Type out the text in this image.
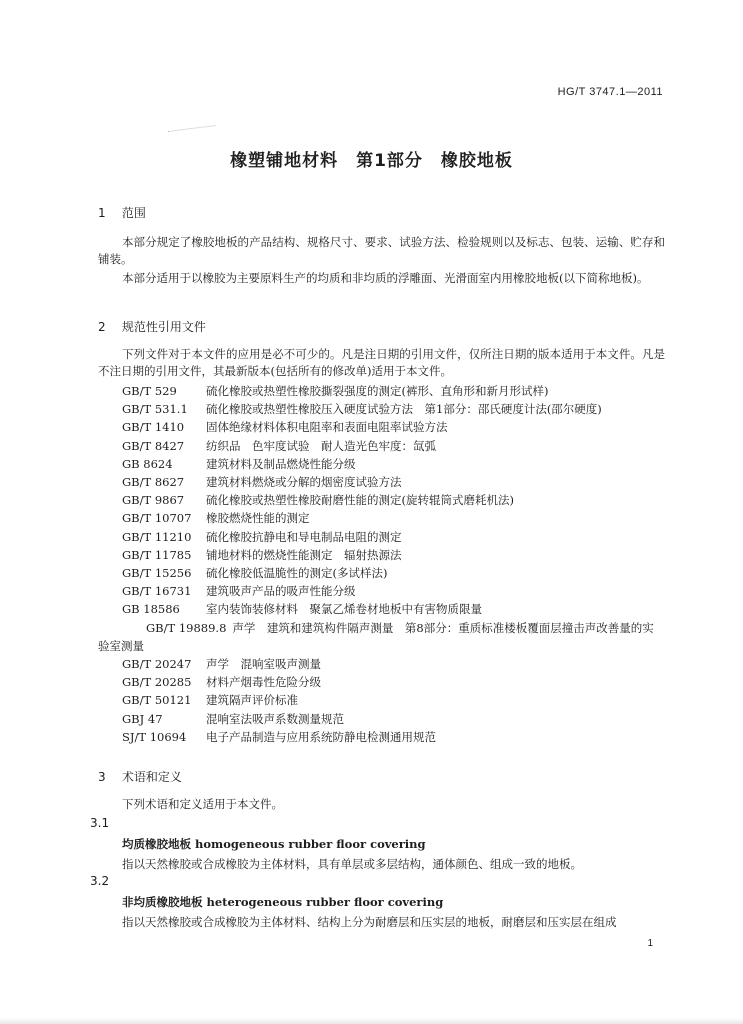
HG/T 3747.1—2011
橡塑铺地材料　第1部分　橡胶地板
1 范围
本部分规定了橡胶地板的产品结构、规格尺寸、要求、试验方法、检验规则以及标志、包装、运输、贮存和铺装。
本部分适用于以橡胶为主要原料生产的均质和非均质的浮雕面、光滑面室内用橡胶地板(以下简称地板)。
2 规范性引用文件
下列文件对于本文件的应用是必不可少的。凡是注日期的引用文件，仅所注日期的版本适用于本文件。凡是不注日期的引用文件，其最新版本(包括所有的修改单)适用于本文件。
GB/T 529	硫化橡胶或热塑性橡胶撕裂强度的测定(裤形、直角形和新月形试样)
GB/T 531.1 硫化橡胶或热塑性橡胶压入硬度试验方法　第1部分：邵氏硬度计法(邵尔硬度)
GB/T 1410 固体绝缘材料体积电阻率和表面电阻率试验方法
GB/T 8427 纺织品　色牢度试验　耐人造光色牢度：氙弧
GB 8624	建筑材料及制品燃烧性能分级
GB/T 8627 建筑材料燃烧或分解的烟密度试验方法
GB/T 9867 硫化橡胶或热塑性橡胶耐磨性能的测定(旋转辊筒式磨耗机法)
GB/T 10707 橡胶燃烧性能的测定
GB/T 11210 硫化橡胶抗静电和导电制品电阻的测定
GB/T 11785 铺地材料的燃烧性能测定　辐射热源法
GB/T 15256 硫化橡胶低温脆性的测定(多试样法)
GB/T 16731 建筑吸声产品的吸声性能分级
GB 18586 室内装饰装修材料　聚氯乙烯卷材地板中有害物质限量
GB/T 19889.8 声学　建筑和建筑构件隔声测量　第8部分：重质标准楼板覆面层撞击声改善量的实验室测量
GB/T 20247 声学　混响室吸声测量
GB/T 20285 材料产烟毒性危险分级
GB/T 50121 建筑隔声评价标准
GBJ 47	混响室法吸声系数测量规范
SJ/T 10694 电子产品制造与应用系统防静电检测通用规范
3 术语和定义
下列术语和定义适用于本文件。
3.1
均质橡胶地板 homogeneous rubber floor covering
指以天然橡胶或合成橡胶为主体材料，具有单层或多层结构，通体颜色、组成一致的地板。
3.2
非均质橡胶地板 heterogeneous rubber floor covering
指以天然橡胶或合成橡胶为主体材料、结构上分为耐磨层和压实层的地板，耐磨层和压实层在组成
1
